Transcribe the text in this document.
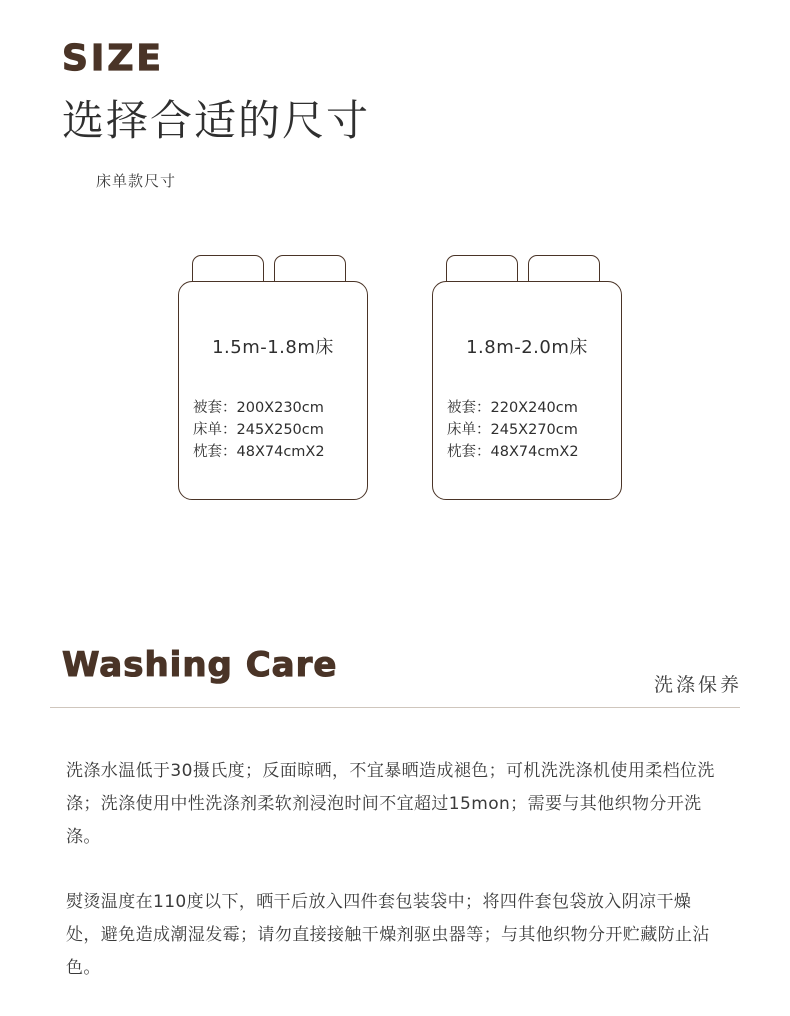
SIZE
选择合适的尺寸
床单款尺寸
1.5m-1.8m床
被套：200X230cm
床单：245X250cm
枕套：48X74cmX2
1.8m-2.0m床
被套：220X240cm
床单：245X270cm
枕套：48X74cmX2
Washing Care	洗涤保养
洗涤水温低于30摄氏度；反面晾晒，不宜暴晒造成褪色；可机洗洗涤机使用柔档位洗涤；洗涤使用中性洗涤剂柔软剂浸泡时间不宜超过15mon；需要与其他织物分开洗涤。
熨烫温度在110度以下，晒干后放入四件套包装袋中；将四件套包袋放入阴凉干燥处，避免造成潮湿发霉；请勿直接接触干燥剂驱虫器等；与其他织物分开贮藏防止沾色。
